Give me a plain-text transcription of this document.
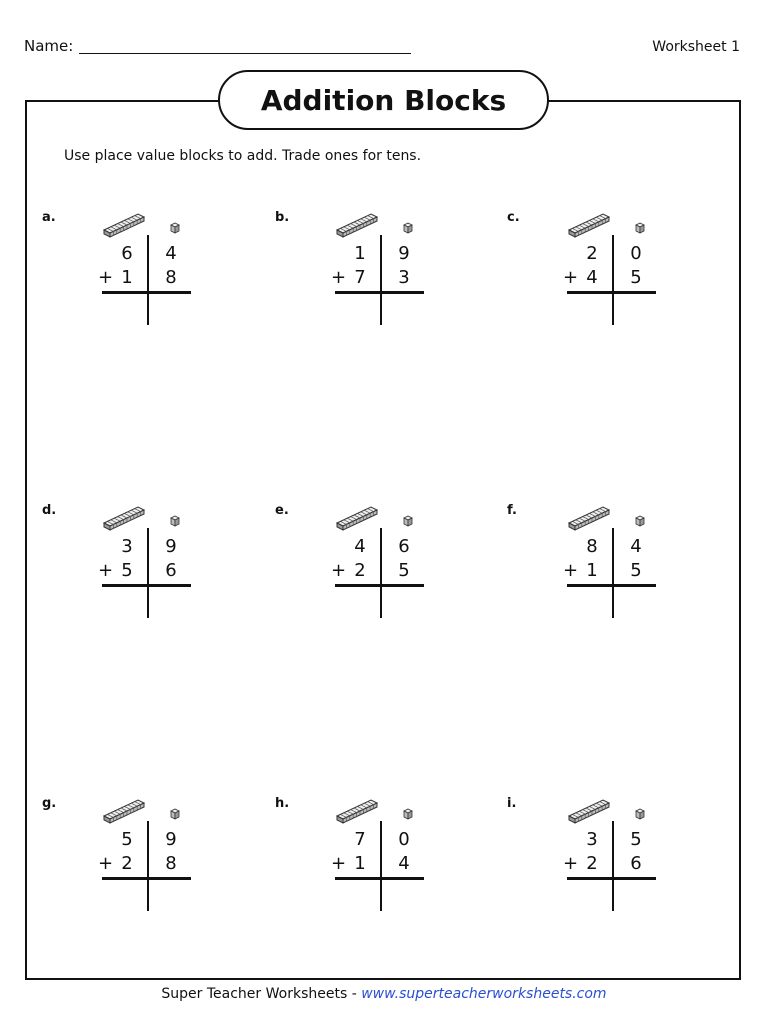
Name:	Worksheet 1
Addition Blocks
Use place value blocks to add. Trade ones for tens.
a.
6 4
+ 1 8
b.
1 9
+ 7 3
c.
2 0
+ 4 5
d.
3 9
+ 5 6
e.
4 6
+ 2 5
f.
8 4
+ 1 5
g.
5 9
+ 2 8
h.
7 0
+ 1 4
i.
3 5
+ 2 6
Super Teacher Worksheets - www.superteacherworksheets.com
